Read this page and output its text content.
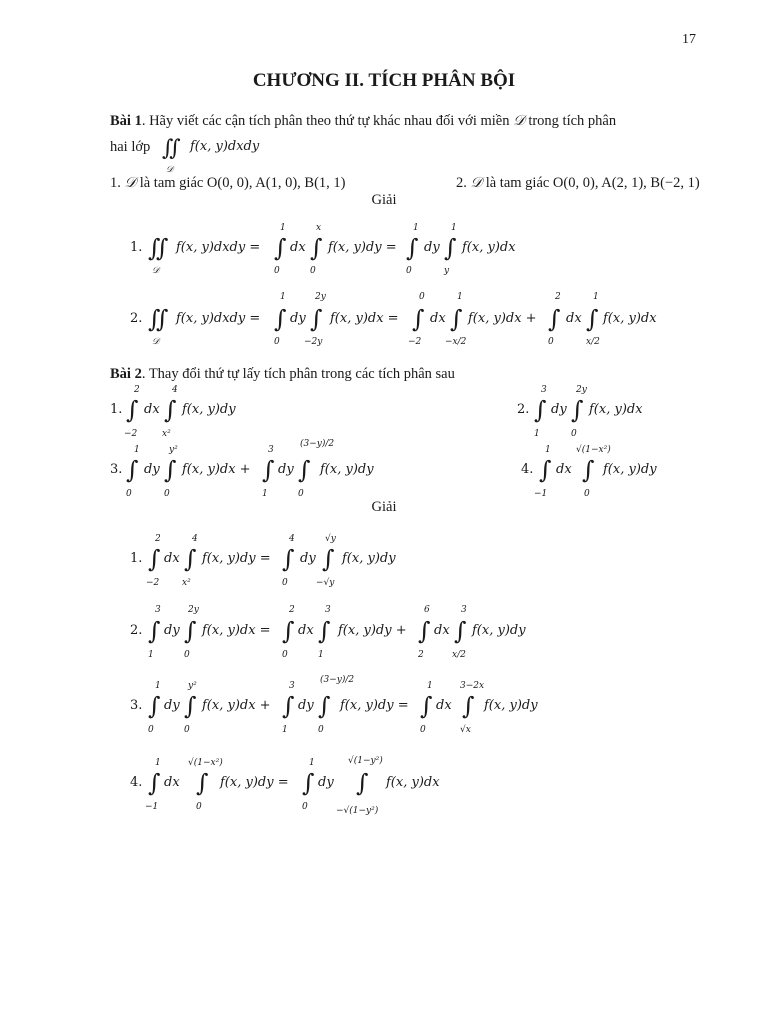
17
CHƯƠNG II. TÍCH PHÂN BỘI
Bài 1. Hãy viết các cận tích phân theo thứ tự khác nhau đối với miền 𝒟 trong tích phân
hai lớp
1. 𝒟 là tam giác O(0, 0), A(1, 0), B(1, 1)	2. 𝒟 là tam giác O(0, 0), A(2, 1), B(−2, 1)
Giải
Bài 2. Thay đổi thứ tự lấy tích phân trong các tích phân sau
Giải
∬
𝒟
f(x, y)dxdy
1. ∬
𝒟
f(x, y)dxdy = ∫
1
0
dx ∫
x
0
f(x, y)dy = ∫
1
0
dy ∫
1
y
f(x, y)dx
2. ∬
𝒟
f(x, y)dxdy = ∫
1
0
dy ∫
2y
−2y
f(x, y)dx = ∫
0
−2
dx ∫
1
−x/2
f(x, y)dx + ∫
2
0
dx ∫
1
x/2
f(x, y)dx
1. ∫
2
−2
dx ∫
4
x²
f(x, y)dy	2. ∫
3
1
dy ∫
2y
0
f(x, y)dx
3. ∫
1
0
dy ∫
y²
0
f(x, y)dx + ∫
3
1
dy ∫
(3−y)/2
0
f(x, y)dy	4. ∫
1
−1
dx ∫
√(1−x²)
0
f(x, y)dy
1. ∫
2
−2
dx ∫
4
x²
f(x, y)dy = ∫
4
0
dy ∫
√y
−√y
f(x, y)dy
2. ∫
3
1
dy ∫
2y
0
f(x, y)dx = ∫
2
0
dx ∫
3
1
f(x, y)dy + ∫
6
2
dx ∫
3
x/2
f(x, y)dy
3. ∫
1
0
dy ∫
y²
0
f(x, y)dx + ∫
3
1
dy ∫
(3−y)/2
0
f(x, y)dy = ∫
1
0
dx ∫
3−2x
√x
f(x, y)dy
4. ∫
1
−1
dx ∫
√(1−x²)
0
f(x, y)dy = ∫
1
0
dy ∫
√(1−y²)
−√(1−y²)
f(x, y)dx
